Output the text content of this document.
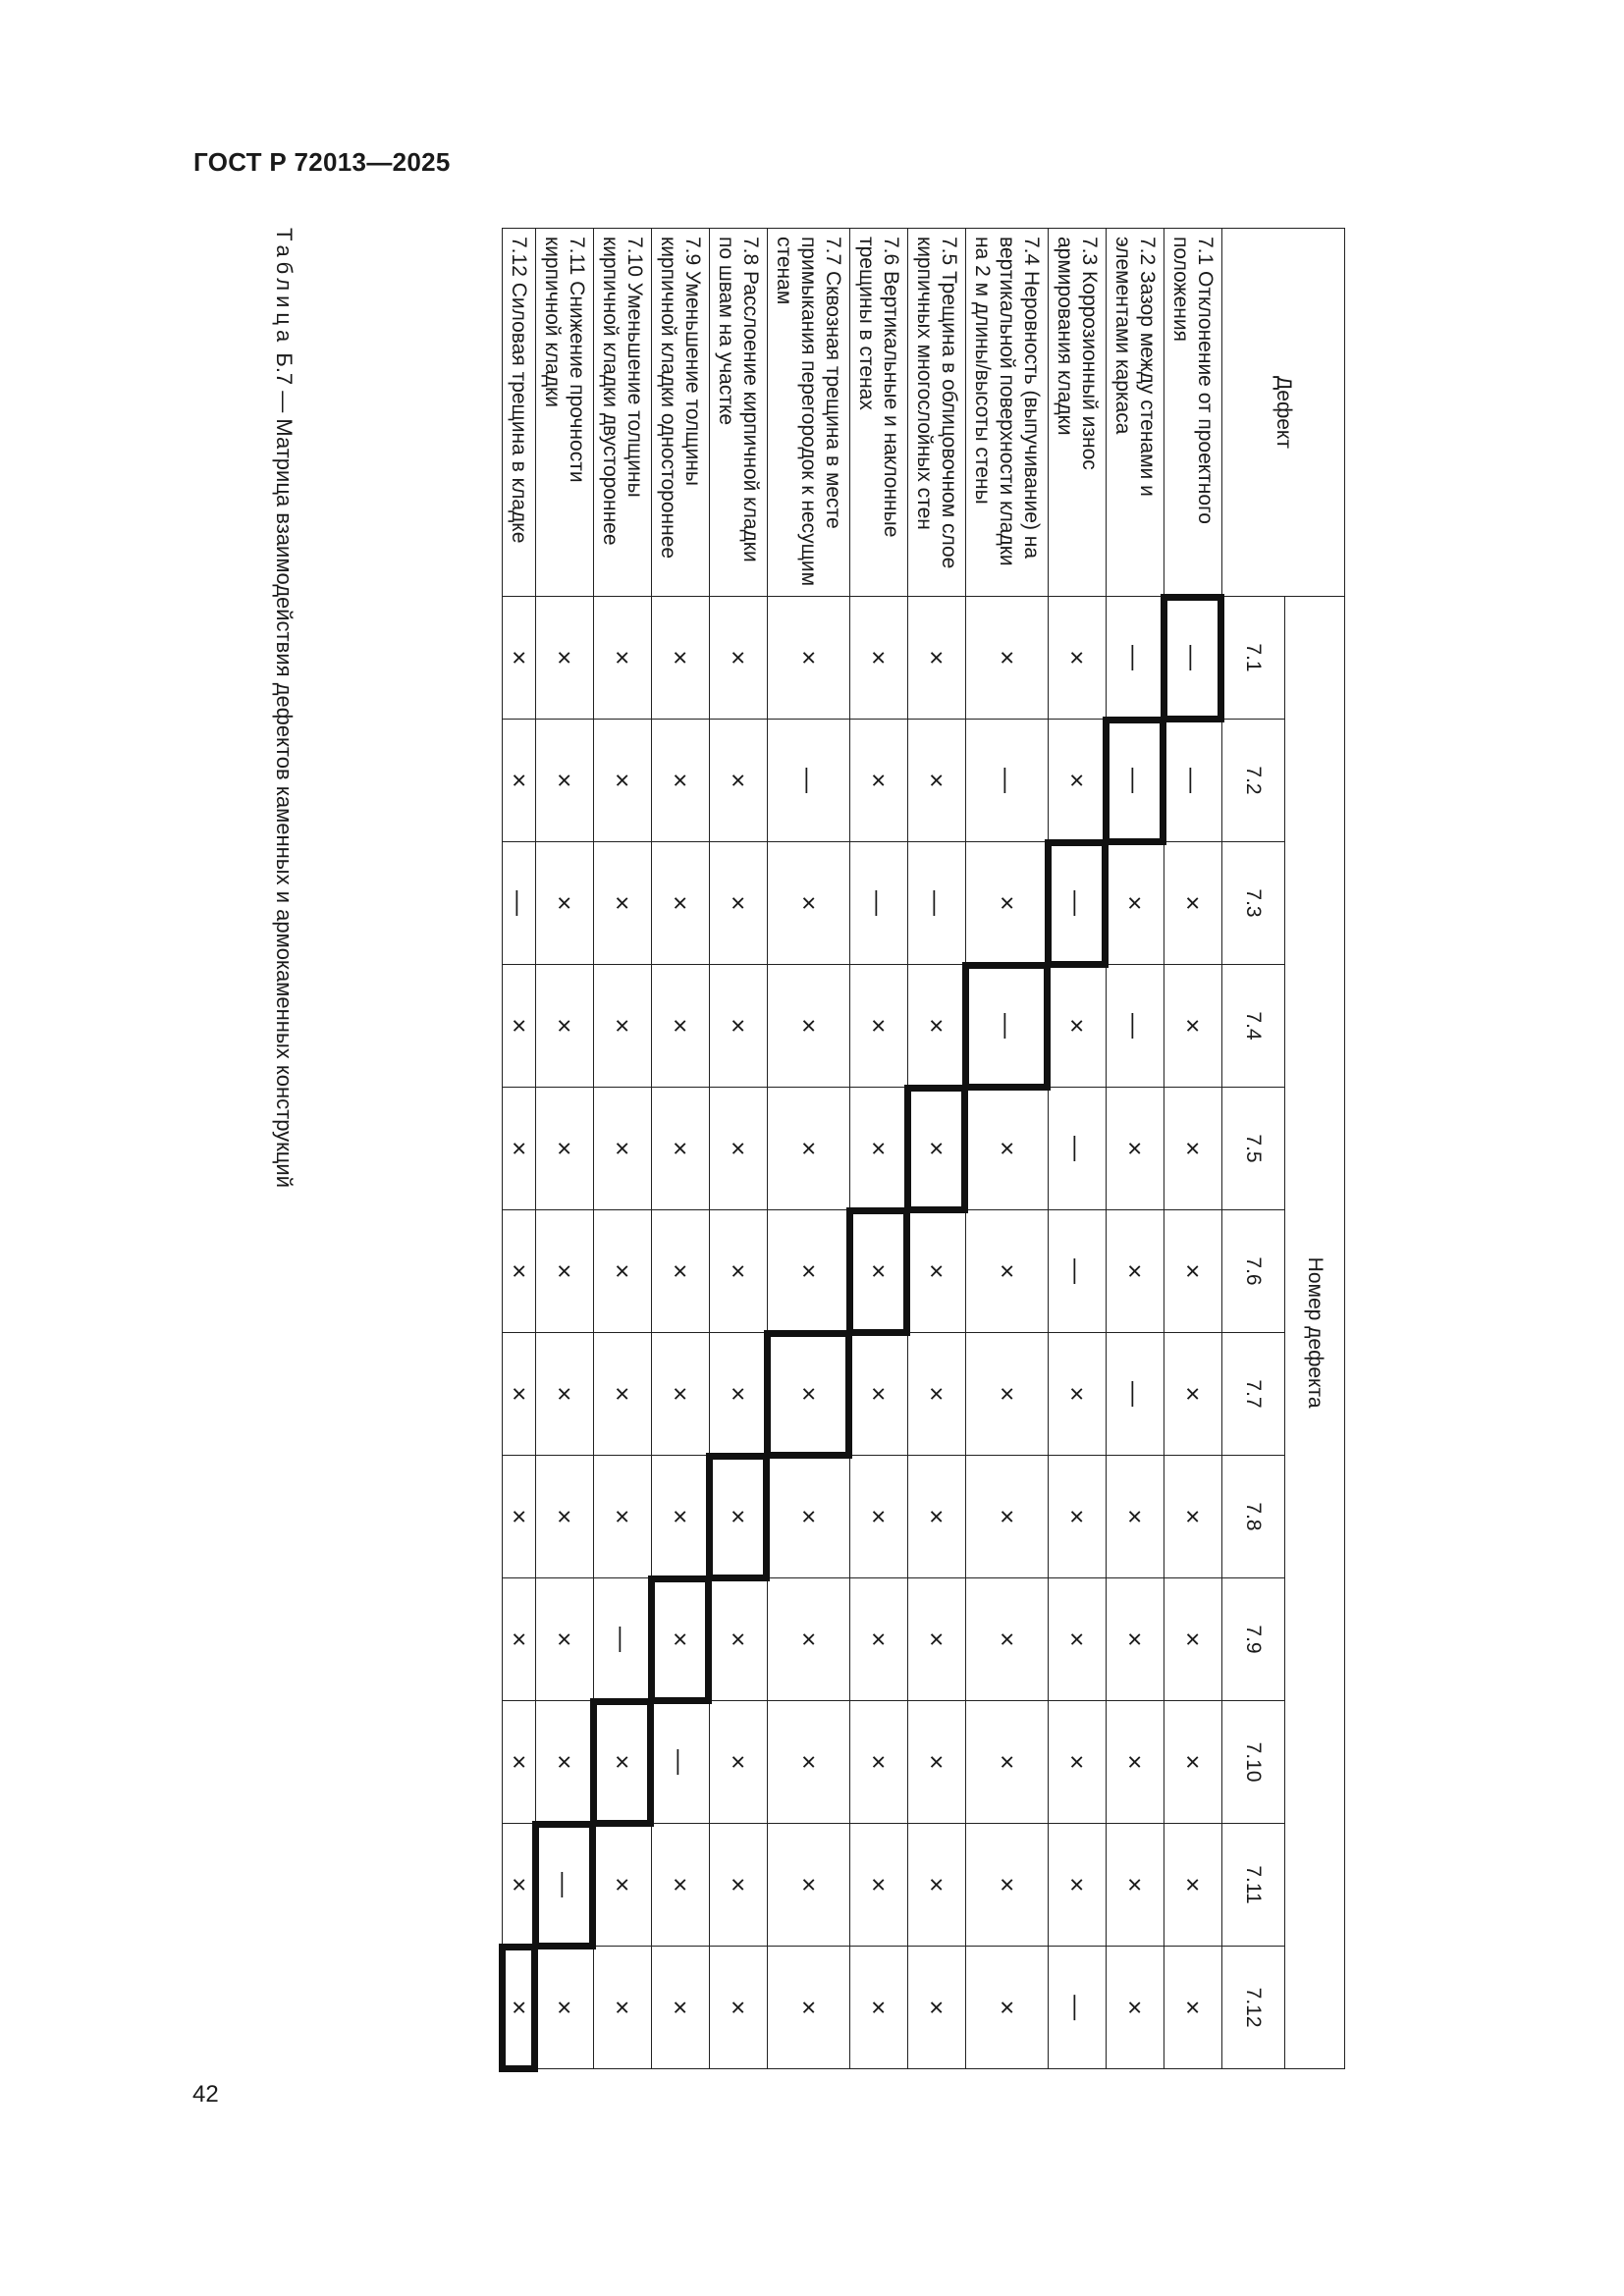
ГОСТ Р 72013—2025
Дефект	Номер дефекта											
	7.1	7.2	7.3	7.4	7.5	7.6	7.7	7.8	7.9	7.10	7.11	7.12
7.1 Отклонение от проектного положения	—	—	×	×	×	×	×	×	×	×	×	×
7.2 Зазор между стенами и элементами каркаса	—	—	×	—	×	×	—	×	×	×	×	×
7.3 Коррозионный износ армирования кладки	×	×	—	×	—	—	×	×	×	×	×	—
7.4 Неровность (выпучивание) на вертикальной поверхности кладки на 2 м длины/высоты стены	×	—	×	—	×	×	×	×	×	×	×	×
7.5 Трещина в облицовочном слое кирпичных многослойных стен	×	×	—	×	×	×	×	×	×	×	×	×
7.6 Вертикальные и наклонные трещины в стенах	×	×	—	×	×	×	×	×	×	×	×	×
7.7 Сквозная трещина в месте примыкания перегородок к несущим стенам	×	—	×	×	×	×	×	×	×	×	×	×
7.8 Расслоение кирпичной кладки по швам на участке	×	×	×	×	×	×	×	×	×	×	×	×
7.9 Уменьшение толщины кирпичной кладки одностороннее	×	×	×	×	×	×	×	×	×	—	×	×
7.10 Уменьшение толщины кирпичной кладки двустороннее	×	×	×	×	×	×	×	×	—	×	×	×
7.11 Снижение прочности кирпичной кладки	×	×	×	×	×	×	×	×	×	×	—	×
7.12 Силовая трещина в кладке	×	×	—	×	×	×	×	×	×	×	×	×
Таблица Б.7 — Матрица взаимодействия дефектов каменных и армокаменных конструкций
42
